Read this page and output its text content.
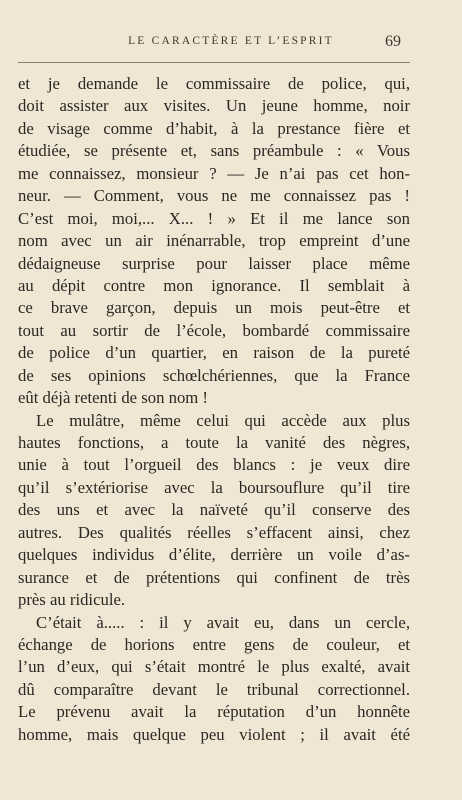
LE CARACTÈRE ET L’ESPRIT	69
et je demande le commissaire de police, qui,
doit assister aux visites. Un jeune homme, noir
de visage comme d’habit, à la prestance fière et
étudiée, se présente et, sans préambule : « Vous
me connaissez, monsieur ? — Je n’ai pas cet hon-
neur. — Comment, vous ne me connaissez pas !
C’est moi, moi,... X... ! » Et il me lance son
nom avec un air inénarrable, trop empreint d’une
dédaigneuse surprise pour laisser place même
au dépit contre mon ignorance. Il semblait à
ce brave garçon, depuis un mois peut-être et
tout au sortir de l’école, bombardé commissaire
de police d’un quartier, en raison de la pureté
de ses opinions schœlchériennes, que la France
eût déjà retenti de son nom !
Le mulâtre, même celui qui accède aux plus
hautes fonctions, a toute la vanité des nègres,
unie à tout l’orgueil des blancs : je veux dire
qu’il s’extériorise avec la boursouflure qu’il tire
des uns et avec la naïveté qu’il conserve des
autres. Des qualités réelles s’effacent ainsi, chez
quelques individus d’élite, derrière un voile d’as-
surance et de prétentions qui confinent de très
près au ridicule.
C’était à..... : il y avait eu, dans un cercle,
échange de horions entre gens de couleur, et
l’un d’eux, qui s’était montré le plus exalté, avait
dû comparaître devant le tribunal correctionnel.
Le prévenu avait la réputation d’un honnête
homme, mais quelque peu violent ; il avait été
